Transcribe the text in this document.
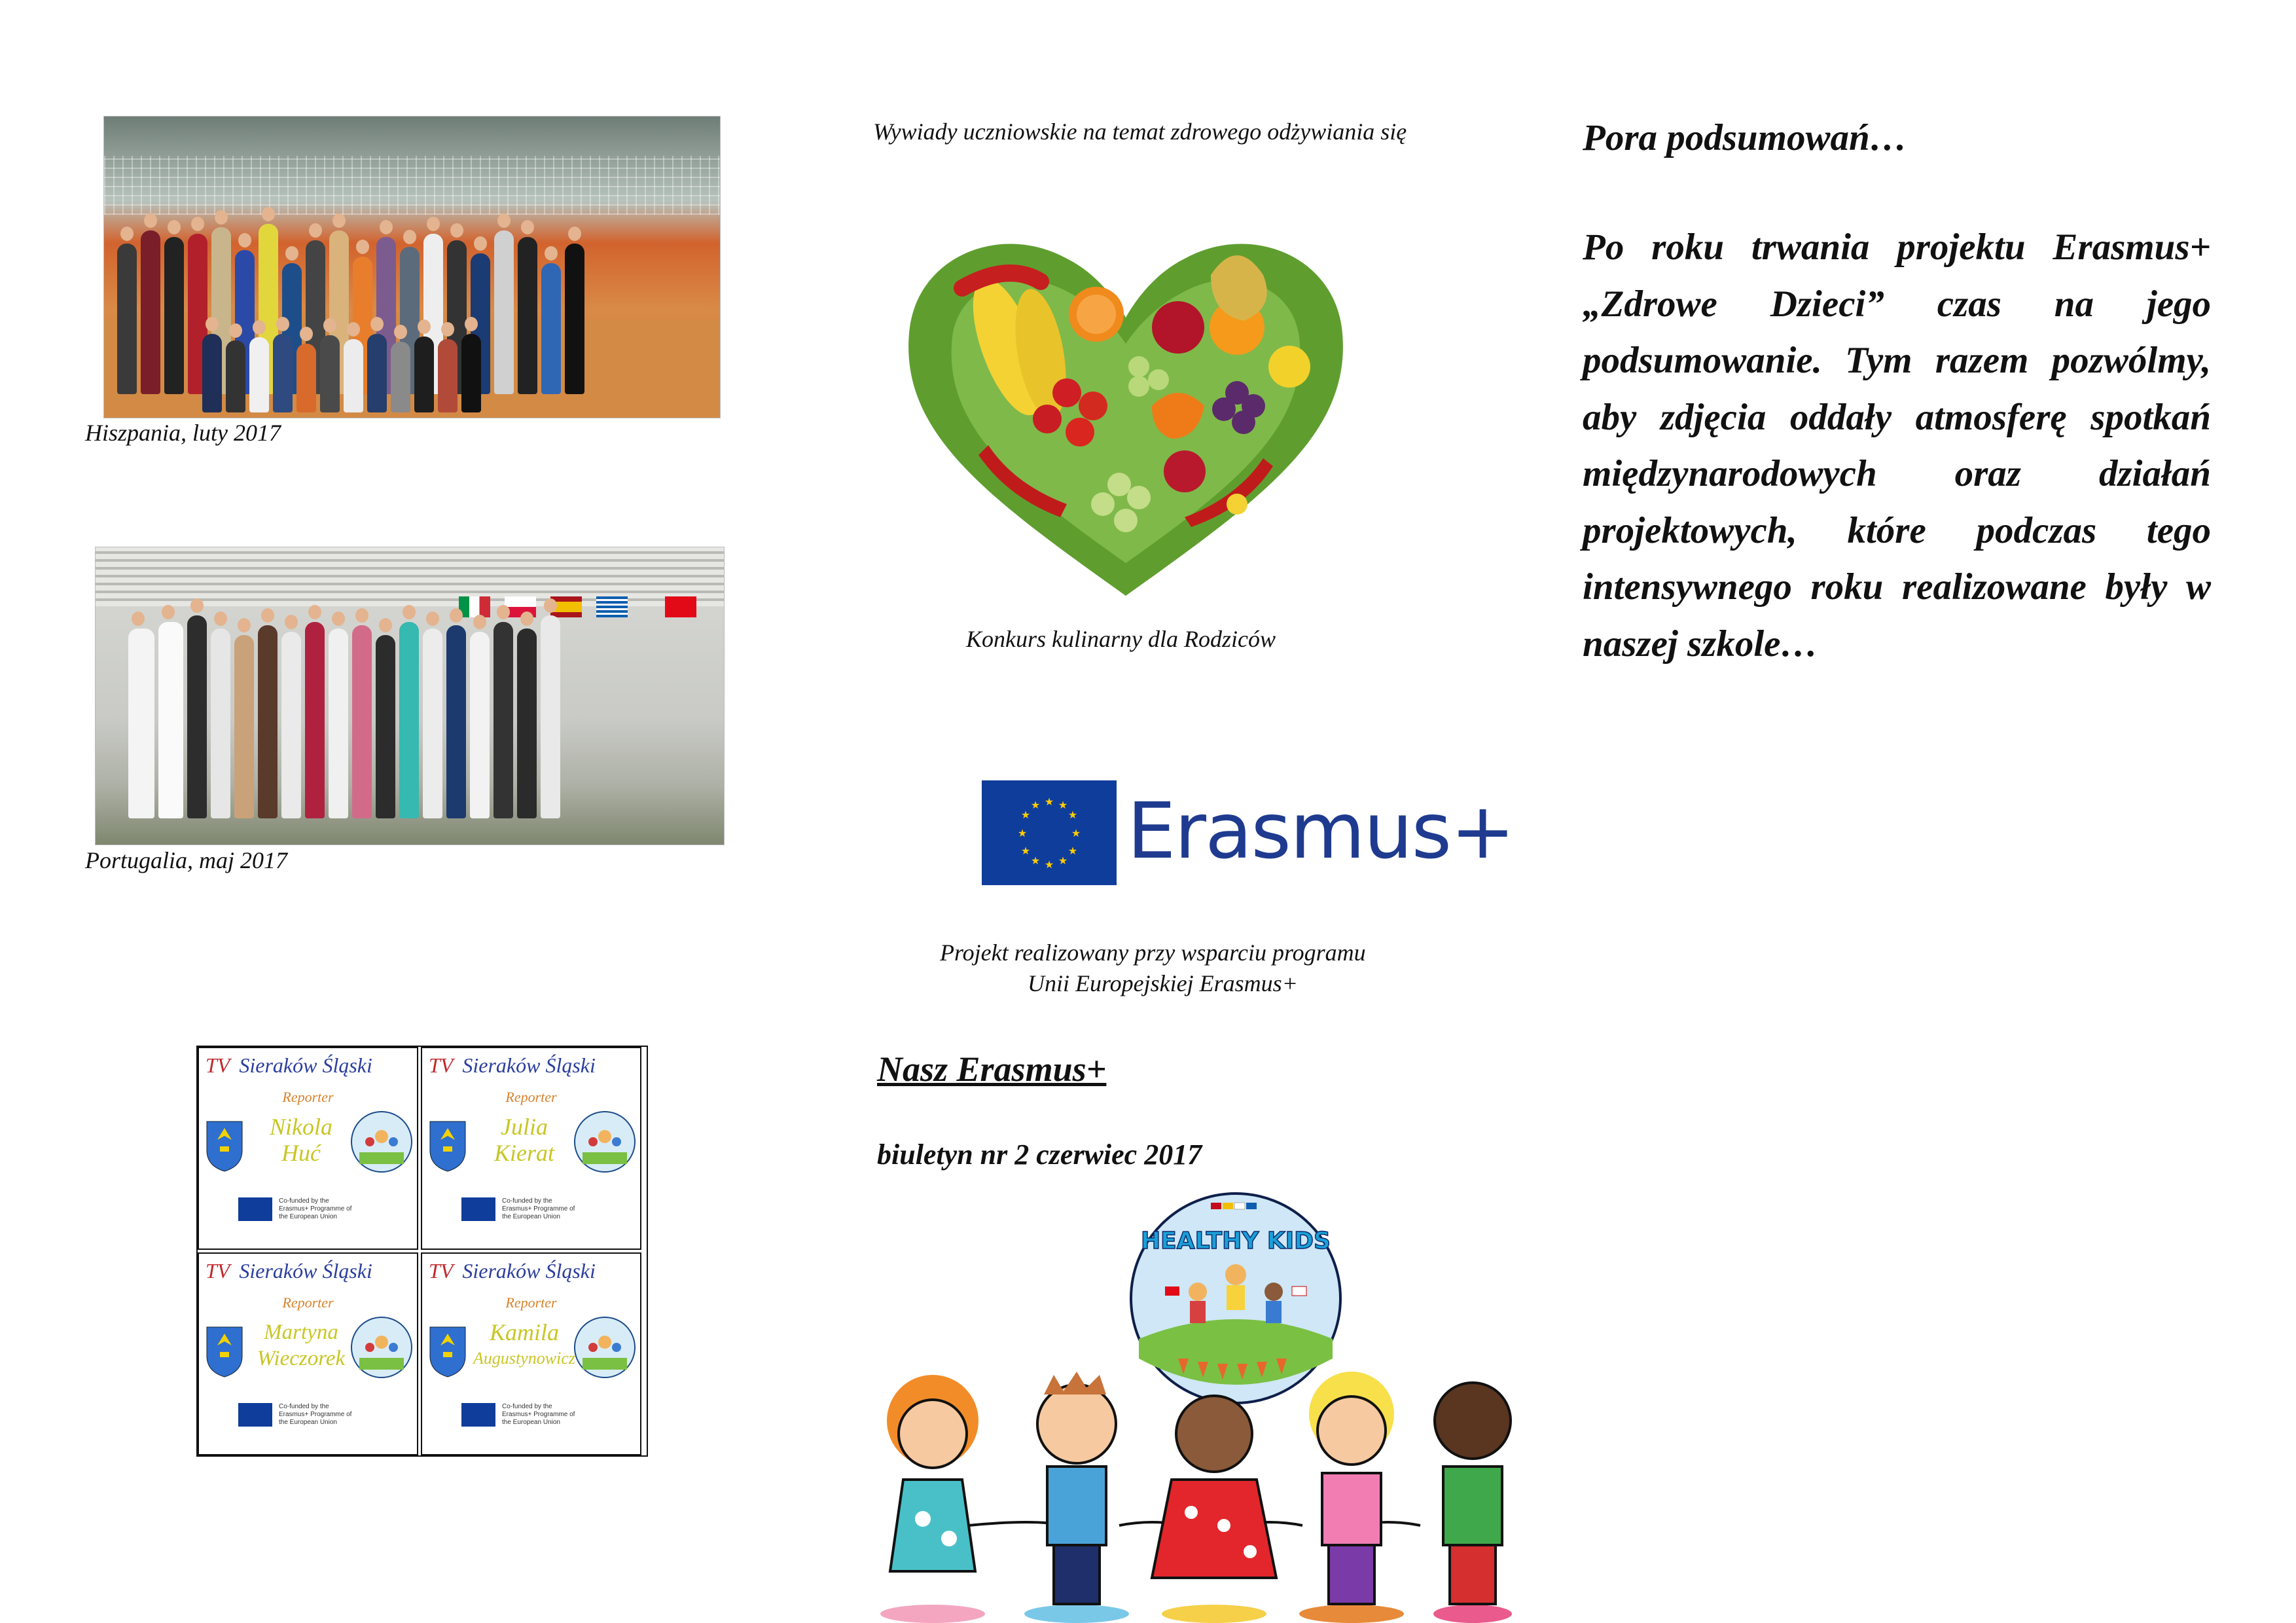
Hiszpania, luty 2017
Portugalia, maj 2017
TV Sieraków Śląski
Reporter
Nikola
Huć
Co-funded by the Erasmus+ Programme of the European Union
TV Sieraków Śląski
Reporter
Julia
Kierat
Co-funded by the Erasmus+ Programme of the European Union
TV Sieraków Śląski
Reporter
Martyna
Wieczorek
Co-funded by the Erasmus+ Programme of the European Union
TV Sieraków Śląski
Reporter
Kamila
Augustynowicz
Co-funded by the Erasmus+ Programme of the European Union
Wywiady uczniowskie na temat zdrowego odżywiania się
Konkurs kulinarny dla Rodziców
★ ★
★
★
★
★
★
★
★
★
★
★ Erasmus+
Projekt realizowany przy wsparciu programu
Unii Europejskiej Erasmus+
Nasz Erasmus+
biuletyn nr 2 czerwiec 2017
HEALTHY KIDS
Pora podsumowań…

Po roku trwania projektu Erasmus+ „Zdrowe Dzieci” czas na jego podsumowanie. Tym razem pozwólmy, aby zdjęcia oddały atmosferę spotkań międzynarodowych oraz działań projektowych, które podczas tego intensywnego roku realizowane były w naszej szkole…
